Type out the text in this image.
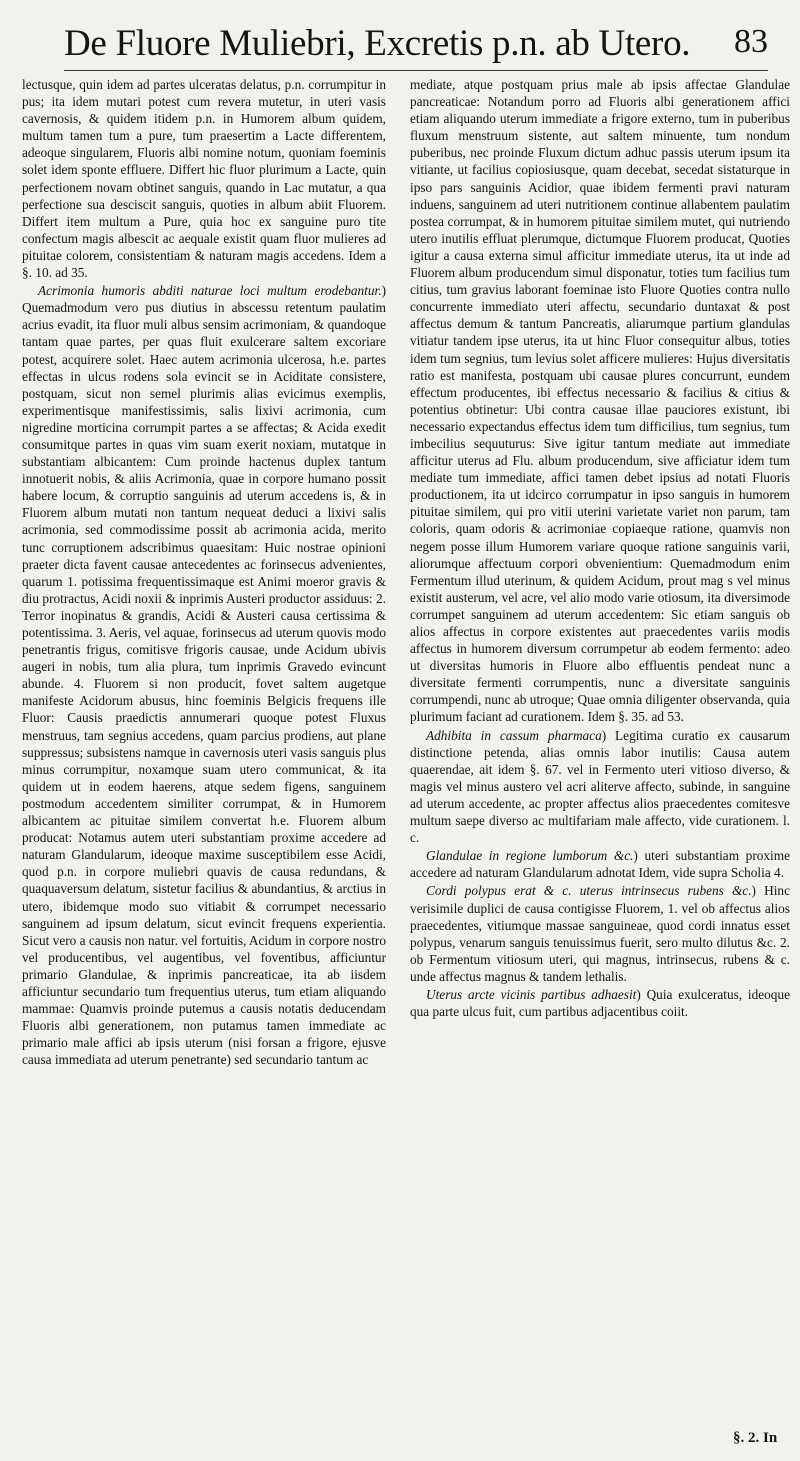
De Fluore Muliebri, Excretis p.n. ab Utero. 83

lectusque, quin idem ad partes ulceratas delatus, p.n. corrumpitur in pus; ita idem mutari potest cum revera mutetur, in uteri vasis cavernosis, & quidem itidem p.n. in Humorem album quidem, multum tamen tum a pure, tum praesertim a Lacte differentem, adeoque singularem, Fluoris albi nomine notum, quoniam foeminis solet idem sponte effluere. Differt hic fluor plurimum a Lacte, quin perfectionem novam obtinet sanguis, quando in Lac mutatur, a qua perfectione sua desciscit sanguis, quoties in album abiit Fluorem. Differt item multum a Pure, quia hoc ex sanguine puro tite confectum magis albescit ac aequale existit quam fluor mulieres ad pituitae colorem, consistentiam & naturam magis accedens. Idem a §. 10. ad 35.

Acrimonia humoris abditi naturae loci multum erodebantur.) Quemadmodum vero pus diutius in abscessu retentum paulatim acrius evadit, ita fluor muli albus sensim acrimoniam, & quandoque tantam quae partes, per quas fluit exulcerare saltem excoriare potest, acquirere solet. Haec autem acrimonia ulcerosa, h.e. partes effectas in ulcus rodens sola evincit se in Aciditate consistere, postquam, sicut non semel plurimis alias evicimus exemplis, experimentisque manifestissimis, salis lixivi acrimonia, cum nigredine morticina corrumpit partes a se affectas; & Acida exedit consumitque partes in quas vim suam exerit noxiam, mutatque in substantiam albicantem: Cum proinde hactenus duplex tantum innotuerit nobis, & aliis Acrimonia, quae in corpore humano possit habere locum, & corruptio sanguinis ad uterum accedens is, & in Fluorem album mutati non tantum nequeat deduci a lixivi salis acrimonia, sed commodissime possit ab acrimonia acida, merito tunc corruptionem adscribimus quaesitam: Huic nostrae opinioni praeter dicta favent causae antecedentes ac forinsecus advenientes, quarum 1. potissima frequentissimaque est Animi moeror gravis & diu protractus, Acidi noxii & inprimis Austeri productor assiduus: 2. Terror inopinatus & grandis, Acidi & Austeri causa certissima & potentissima. 3. Aeris, vel aquae, forinsecus ad uterum quovis modo penetrantis frigus, comitisve frigoris causae, unde Acidum ubivis augeri in nobis, tum alia plura, tum inprimis Gravedo evincunt abunde. 4. Fluorem si non producit, fovet saltem augetque manifeste Acidorum abusus, hinc foeminis Belgicis frequens ille Fluor: Causis praedictis annumerari quoque potest Fluxus menstruus, tam segnius accedens, quam parcius prodiens, aut plane suppressus; subsistens namque in cavernosis uteri vasis sanguis plus minus corrumpitur, noxamque suam utero communicat, & ita quidem ut in eodem haerens, atque sedem figens, sanguinem postmodum accedentem similiter corrumpat, & in Humorem albicantem ac pituitae similem convertat h.e. Fluorem album producat: Notamus autem uteri substantiam proxime accedere ad naturam Glandularum, ideoque maxime susceptibilem esse Acidi, quod p.n. in corpore muliebri quavis de causa redundans, & quaquaversum delatum, sistetur facilius & abundantius, & arctius in utero, ibidemque modo suo vitiabit & corrumpet necessario sanguinem ad ipsum delatum, sicut evincit frequens experientia. Sicut vero a causis non natur. vel fortuitis, Acidum in corpore nostro vel producentibus, vel augentibus, vel foventibus, afficiuntur primario Glandulae, & inprimis pancreaticae, ita ab iisdem afficiuntur secundario tum frequentius uterus, tum etiam aliquando mammae: Quamvis proinde putemus a causis notatis deducendam Fluoris albi generationem, non putamus tamen immediate ac primario male affici ab ipsis uterum (nisi forsan a frigore, ejusve causa immediata ad uterum penetrante) sed secundario tantum ac

mediate, atque postquam prius male ab ipsis affectae Glandulae pancreaticae: Notandum porro ad Fluoris albi generationem affici etiam aliquando uterum immediate a frigore externo, tum in puberibus fluxum menstruum sistente, aut saltem minuente, tum nondum puberibus, nec proinde Fluxum dictum adhuc passis uterum ipsum ita vitiante, ut facilius copiosiusque, quam decebat, secedat sistaturque in ipso pars sanguinis Acidior, quae ibidem fermenti pravi naturam induens, sanguinem ad uteri nutritionem continue allabentem paulatim postea corrumpat, & in humorem pituitae similem mutet, qui nutriendo utero inutilis effluat plerumque, dictumque Fluorem producat, Quoties igitur a causa externa simul afficitur immediate uterus, ita ut inde ad Fluorem album producendum simul disponatur, toties tum facilius tum citius, tum gravius laborant foeminae isto Fluore Quoties contra nullo concurrente immediato uteri affectu, secundario duntaxat & post affectus demum & tantum Pancreatis, aliarumque partium glandulas vitiatur tandem ipse uterus, ita ut hinc Fluor consequitur albus, toties idem tum segnius, tum levius solet afficere mulieres: Hujus diversitatis ratio est manifesta, postquam ubi causae plures concurrunt, eundem effectum producentes, ibi effectus necessario & facilius & citius & potentius obtinetur: Ubi contra causae illae pauciores existunt, ibi necessario expectandus effectus idem tum difficilius, tum segnius, tum imbecilius sequuturus: Sive igitur tantum mediate aut immediate afficitur uterus ad Flu. album producendum, sive afficiatur idem tum mediate tum immediate, affici tamen debet ipsius ad notati Fluoris productionem, ita ut idcirco corrumpatur in ipso sanguis in humorem pituitae similem, qui pro vitii uterini varietate variet non parum, tam coloris, quam odoris & acrimoniae copiaeque ratione, quamvis non negem posse illum Humorem variare quoque ratione sanguinis varii, aliorumque affectuum corpori obvenientium: Quemadmodum enim Fermentum illud uterinum, & quidem Acidum, prout mag s vel minus existit austerum, vel acre, vel alio modo varie otiosum, ita diversimode corrumpet sanguinem ad uterum accedentem: Sic etiam sanguis ob alios affectus in corpore existentes aut praecedentes variis modis affectus in humorem diversum corrumpetur ab eodem fermento: adeo ut diversitas humoris in Fluore albo effluentis pendeat nunc a diversitate fermenti corrumpentis, nunc a diversitate sanguinis corrumpendi, nunc ab utroque; Quae omnia diligenter observanda, quia plurimum faciant ad curationem. Idem §. 35. ad 53.

Adhibita in cassum pharmaca) Legitima curatio ex causarum distinctione petenda, alias omnis labor inutilis: Causa autem quaerendae, ait idem §. 67. vel in Fermento uteri vitioso diverso, & magis vel minus austero vel acri aliterve affecto, subinde, in sanguine ad uterum accedente, ac propter affectus alios praecedentes comitesve multum saepe diverso ac multifariam male affecto, vide curationem. l. c.

Glandulae in regione lumborum &c.) uteri substantiam proxime accedere ad naturam Glandularum adnotat Idem, vide supra Scholia 4.

Cordi polypus erat & c. uterus intrinsecus rubens &c.) Hinc verisimile duplici de causa contigisse Fluorem, 1. vel ob affectus alios praecedentes, vitiumque massae sanguineae, quod cordi innatus esset polypus, venarum sanguis tenuissimus fuerit, sero multo dilutus &c. 2. ob Fermentum vitiosum uteri, qui magnus, intrinsecus, rubens & c. unde affectus magnus & tandem lethalis.

Uterus arcte vicinis partibus adhaesit) Quia exulceratus, ideoque qua parte ulcus fuit, cum partibus adjacentibus coiit.

§. 2. In
